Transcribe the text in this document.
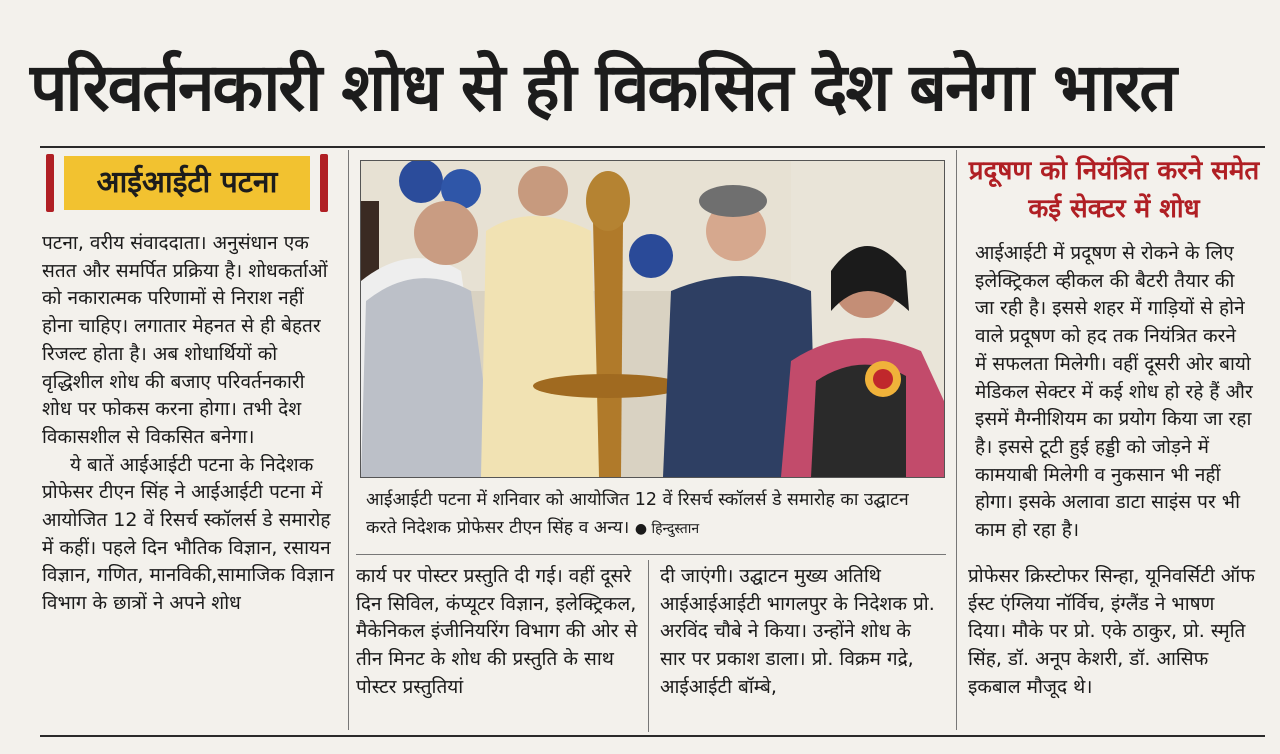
परिवर्तनकारी शोध से ही विकसित देश बनेगा भारत
आईआईटी पटना

पटना, वरीय संवाददाता। अनुसंधान एक सतत और समर्पित प्रक्रिया है। शोधकर्ताओं को नकारात्मक परिणामों से निराश नहीं होना चाहिए। लगातार मेहनत से ही बेहतर रिजल्ट होता है। अब शोधार्थियों को वृद्धिशील शोध की बजाए परिवर्तनकारी शोध पर फोकस करना होगा। तभी देश विकासशील से विकसित बनेगा।

ये बातें आईआईटी पटना के निदेशक प्रोफेसर टीएन सिंह ने आईआईटी पटना में आयोजित 12 वें रिसर्च स्कॉलर्स डे समारोह में कहीं। पहले दिन भौतिक विज्ञान, रसायन विज्ञान, गणित, मानविकी,सामाजिक विज्ञान विभाग के छात्रों ने अपने शोध

आईआईटी पटना में शनिवार को आयोजित 12 वें रिसर्च स्कॉलर्स डे समारोह का उद्घाटन करते निदेशक प्रोफेसर टीएन सिंह व अन्य। ● हिन्दुस्तान

कार्य पर पोस्टर प्रस्तुति दी गई। वहीं दूसरे दिन सिविल, कंप्यूटर विज्ञान, इलेक्ट्रिकल, मैकेनिकल इंजीनियरिंग विभाग की ओर से तीन मिनट के शोध की प्रस्तुति के साथ पोस्टर प्रस्तुतियां

दी जाएंगी। उद्घाटन मुख्य अतिथि आईआईआईटी भागलपुर के निदेशक प्रो. अरविंद चौबे ने किया। उन्होंने शोध के सार पर प्रकाश डाला। प्रो. विक्रम गद्रे, आईआईटी बॉम्बे,

प्रदूषण को नियंत्रित करने समेत कई सेक्टर में शोध

आईआईटी में प्रदूषण से रोकने के लिए इलेक्ट्रिकल व्हीकल की बैटरी तैयार की जा रही है। इससे शहर में गाड़ियों से होने वाले प्रदूषण को हद तक नियंत्रित करने में सफलता मिलेगी। वहीं दूसरी ओर बायो मेडिकल सेक्टर में कई शोध हो रहे हैं और इसमें मैग्नीशियम का प्रयोग किया जा रहा है। इससे टूटी हुई हड्डी को जोड़ने में कामयाबी मिलेगी व नुकसान भी नहीं होगा। इसके अलावा डाटा साइंस पर भी काम हो रहा है।

प्रोफेसर क्रिस्टोफर सिन्हा, यूनिवर्सिटी ऑफ ईस्ट एंग्लिया नॉर्विच, इंग्लैंड ने भाषण दिया। मौके पर प्रो. एके ठाकुर, प्रो. स्मृति सिंह, डॉ. अनूप केशरी, डॉ. आसिफ इकबाल मौजूद थे।
